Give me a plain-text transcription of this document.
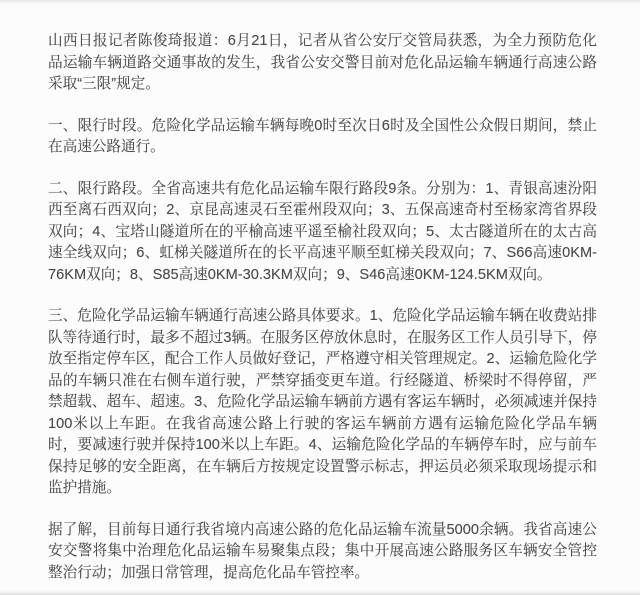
山西日报记者陈俊琦报道：6月21日，记者从省公安厅交管局获悉，为全力预防危化品运输车辆道路交通事故的发生，我省公安交警目前对危化品运输车辆通行高速公路采取“三限”规定。

一、限行时段。危险化学品运输车辆每晚0时至次日6时及全国性公众假日期间，禁止在高速公路通行。

二、限行路段。全省高速共有危化品运输车限行路段9条。分别为：1、青银高速汾阳西至离石西双向；2、京昆高速灵石至霍州段双向；3、五保高速奇村至杨家湾省界段双向；4、宝塔山隧道所在的平榆高速平遥至榆社段双向；5、太古隧道所在的太古高速全线双向；6、虹梯关隧道所在的长平高速平顺至虹梯关段双向；7、S66高速0KM-76KM双向；8、S85高速0KM-30.3KM双向；9、S46高速0KM-124.5KM双向。

三、危险化学品运输车辆通行高速公路具体要求。1、危险化学品运输车辆在收费站排队等待通行时，最多不超过3辆。在服务区停放休息时，在服务区工作人员引导下，停放至指定停车区，配合工作人员做好登记，严格遵守相关管理规定。2、运输危险化学品的车辆只准在右侧车道行驶，严禁穿插变更车道。行经隧道、桥梁时不得停留，严禁超载、超车、超速。3、危险化学品运输车辆前方遇有客运车辆时，必须减速并保持100米以上车距。在我省高速公路上行驶的客运车辆前方遇有运输危险化学品车辆时，要减速行驶并保持100米以上车距。4、运输危险化学品的车辆停车时，应与前车保持足够的安全距离，在车辆后方按规定设置警示标志，押运员必须采取现场提示和监护措施。

据了解，目前每日通行我省境内高速公路的危化品运输车流量5000余辆。我省高速公安交警将集中治理危化品运输车易聚集点段；集中开展高速公路服务区车辆安全管控整治行动；加强日常管理，提高危化品车管控率。
